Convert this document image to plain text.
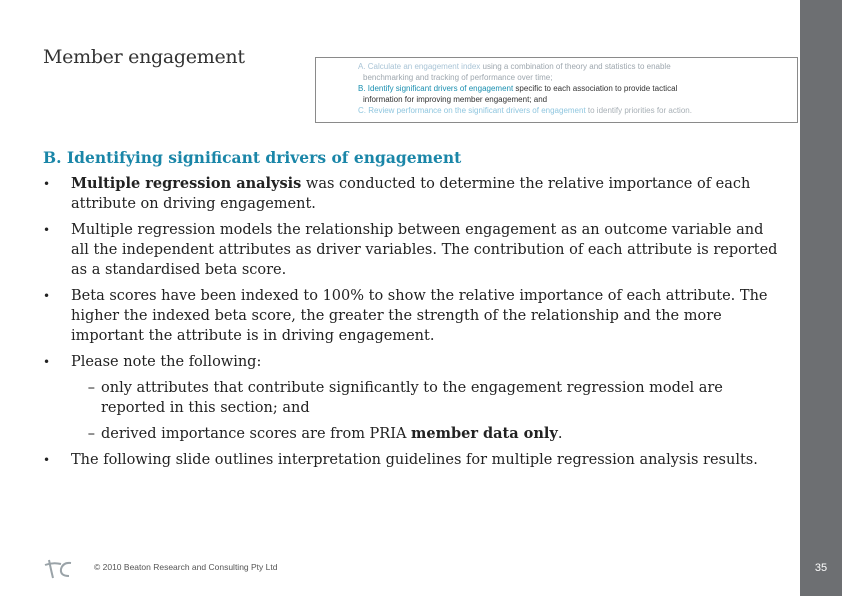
35
Member engagement	A. Calculate an engagement index using a combination of theory and statistics to enable
benchmarking and tracking of performance over time;

B. Identify significant drivers of engagement specific to each association to provide tactical
information for improving member engagement; and

C. Review performance on the significant drivers of engagement to identify priorities for action.

B. Identifying significant drivers of engagement
•	Multiple regression analysis was conducted to determine the relative importance of each attribute on driving engagement.
•	Multiple regression models the relationship between engagement as an outcome variable and all the independent attributes as driver variables. The contribution of each attribute is reported as a standardised beta score.
•	Beta scores have been indexed to 100% to show the relative importance of each attribute. The higher the indexed beta score, the greater the strength of the relationship and the more important the attribute is in driving engagement.
•	Please note the following:
– only attributes that contribute significantly to the engagement regression model are reported in this section; and
– derived importance scores are from PRIA member data only.
•	The following slide outlines interpretation guidelines for multiple regression analysis results.
© 2010 Beaton Research and Consulting Pty Ltd
